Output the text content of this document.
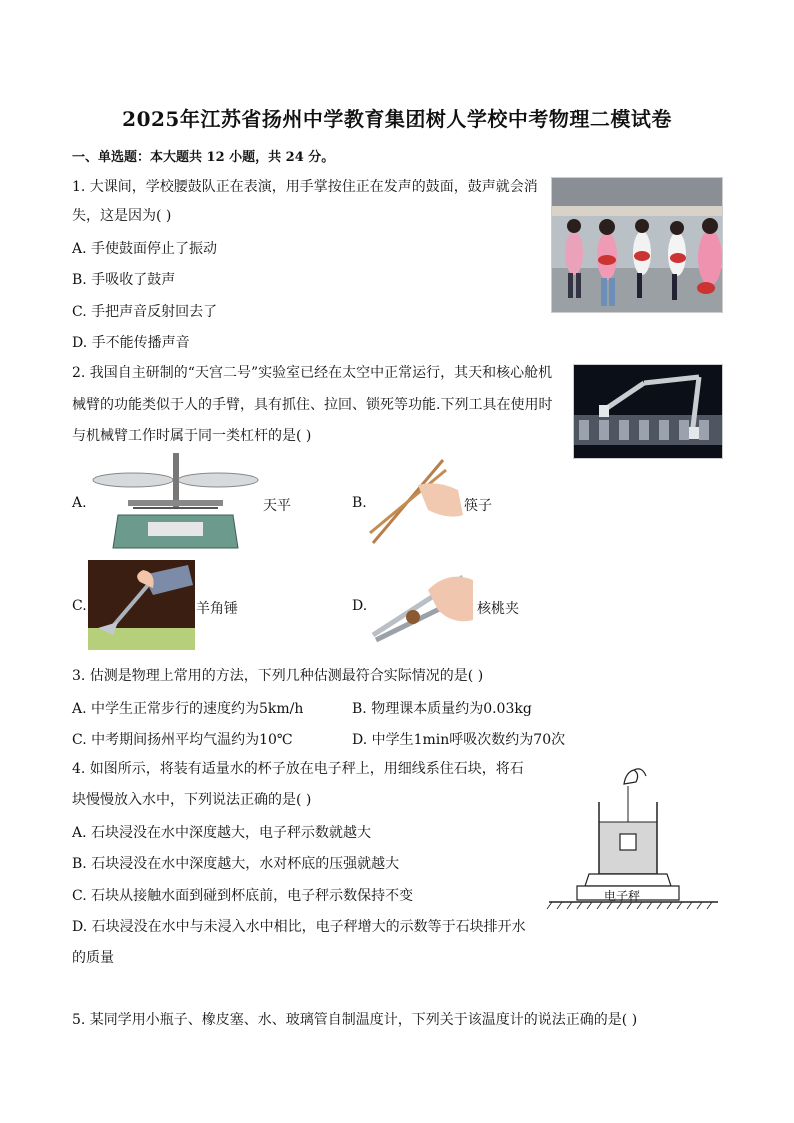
2025年江苏省扬州中学教育集团树人学校中考物理二模试卷
一、单选题：本大题共 12 小题，共 24 分。
1. 大课间，学校腰鼓队正在表演，用手掌按住正在发声的鼓面，鼓声就会消
失，这是因为( )
A. 手使鼓面停止了振动
B. 手吸收了鼓声
C. 手把声音反射回去了
D. 手不能传播声音
2. 我国自主研制的“天宫二号”实验室已经在太空中正常运行，其天和核心舱机
械臂的功能类似于人的手臂，具有抓住、拉回、锁死等功能.下列工具在使用时
与机械臂工作时属于同一类杠杆的是( )
A.	天平	B.	筷子
C.	羊角锤	D.	核桃夹
3. 估测是物理上常用的方法，下列几种估测最符合实际情况的是( )
A. 中学生正常步行的速度约为5km/h	B. 物理课本质量约为0.03kg
C. 中考期间扬州平均气温约为10℃	D. 中学生1min呼吸次数约为70次
4. 如图所示，将装有适量水的杯子放在电子秤上，用细线系住石块，将石
块慢慢放入水中，下列说法正确的是( )
A. 石块浸没在水中深度越大，电子秤示数就越大
B. 石块浸没在水中深度越大，水对杯底的压强就越大
C. 石块从接触水面到碰到杯底前，电子秤示数保持不变
D. 石块浸没在水中与未浸入水中相比，电子秤增大的示数等于石块排开水
的质量
电子秤
5. 某同学用小瓶子、橡皮塞、水、玻璃管自制温度计，下列关于该温度计的说法正确的是( )
